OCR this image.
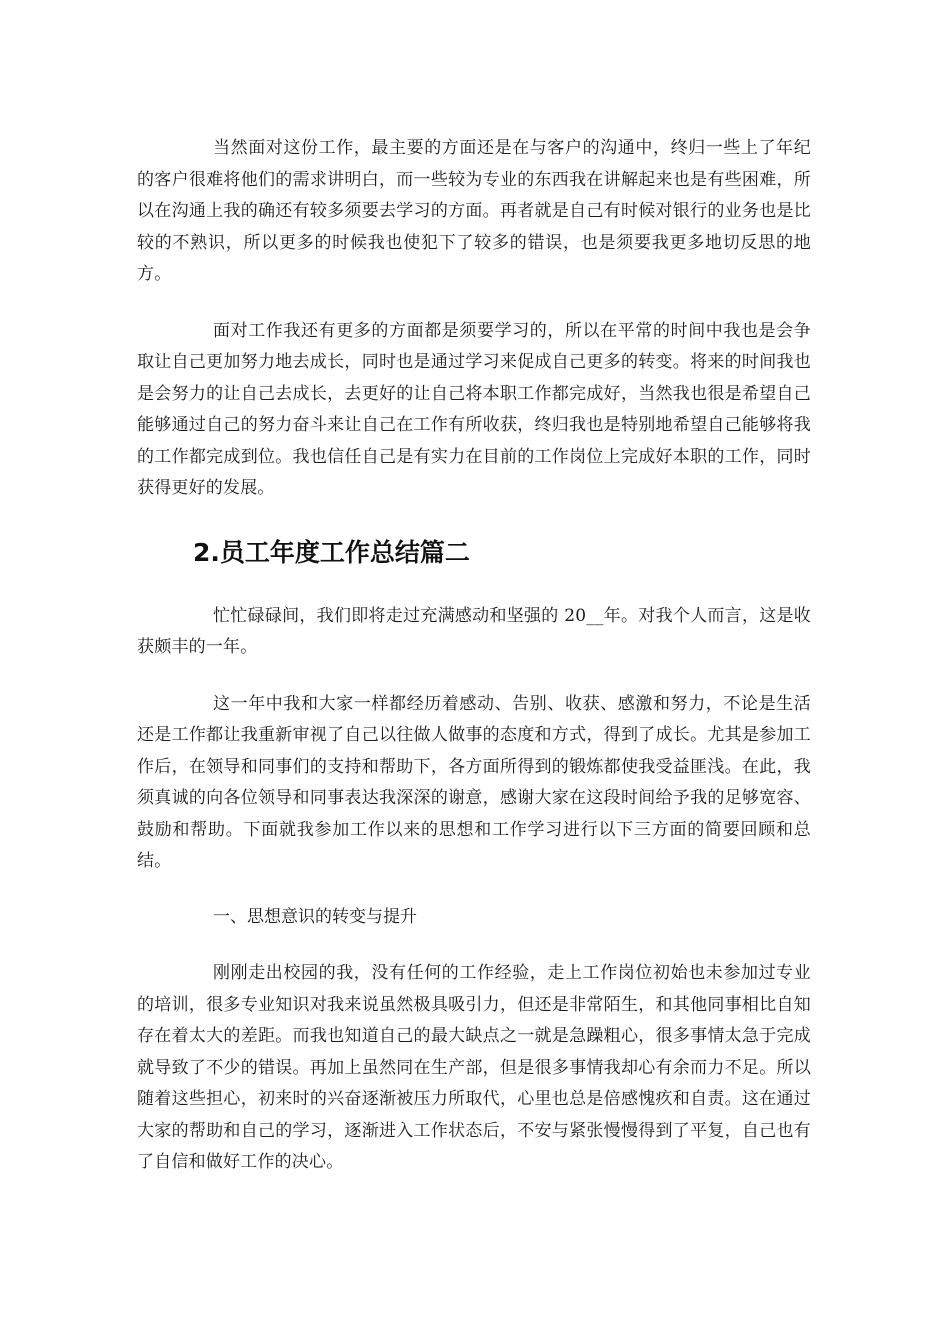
当然面对这份工作，最主要的方面还是在与客户的沟通中，终归一些上了年纪的客户很难将他们的需求讲明白，而一些较为专业的东西我在讲解起来也是有些困难，所以在沟通上我的确还有较多须要去学习的方面。再者就是自己有时候对银行的业务也是比较的不熟识，所以更多的时候我也使犯下了较多的错误，也是须要我更多地切反思的地方。

面对工作我还有更多的方面都是须要学习的，所以在平常的时间中我也是会争取让自己更加努力地去成长，同时也是通过学习来促成自己更多的转变。将来的时间我也是会努力的让自己去成长，去更好的让自己将本职工作都完成好，当然我也很是希望自己能够通过自己的努力奋斗来让自己在工作有所收获，终归我也是特别地希望自己能够将我的工作都完成到位。我也信任自己是有实力在目前的工作岗位上完成好本职的工作，同时获得更好的发展。

2.员工年度工作总结篇二

忙忙碌碌间，我们即将走过充满感动和坚强的 20__年。对我个人而言，这是收获颇丰的一年。

这一年中我和大家一样都经历着感动、告别、收获、感激和努力，不论是生活还是工作都让我重新审视了自己以往做人做事的态度和方式，得到了成长。尤其是参加工作后，在领导和同事们的支持和帮助下，各方面所得到的锻炼都使我受益匪浅。在此，我须真诚的向各位领导和同事表达我深深的谢意，感谢大家在这段时间给予我的足够宽容、鼓励和帮助。下面就我参加工作以来的思想和工作学习进行以下三方面的简要回顾和总结。

一、思想意识的转变与提升

刚刚走出校园的我，没有任何的工作经验，走上工作岗位初始也未参加过专业的培训，很多专业知识对我来说虽然极具吸引力，但还是非常陌生，和其他同事相比自知存在着太大的差距。而我也知道自己的最大缺点之一就是急躁粗心，很多事情太急于完成就导致了不少的错误。再加上虽然同在生产部，但是很多事情我却心有余而力不足。所以随着这些担心，初来时的兴奋逐渐被压力所取代，心里也总是倍感愧疚和自责。这在通过大家的帮助和自己的学习，逐渐进入工作状态后，不安与紧张慢慢得到了平复，自己也有了自信和做好工作的决心。
